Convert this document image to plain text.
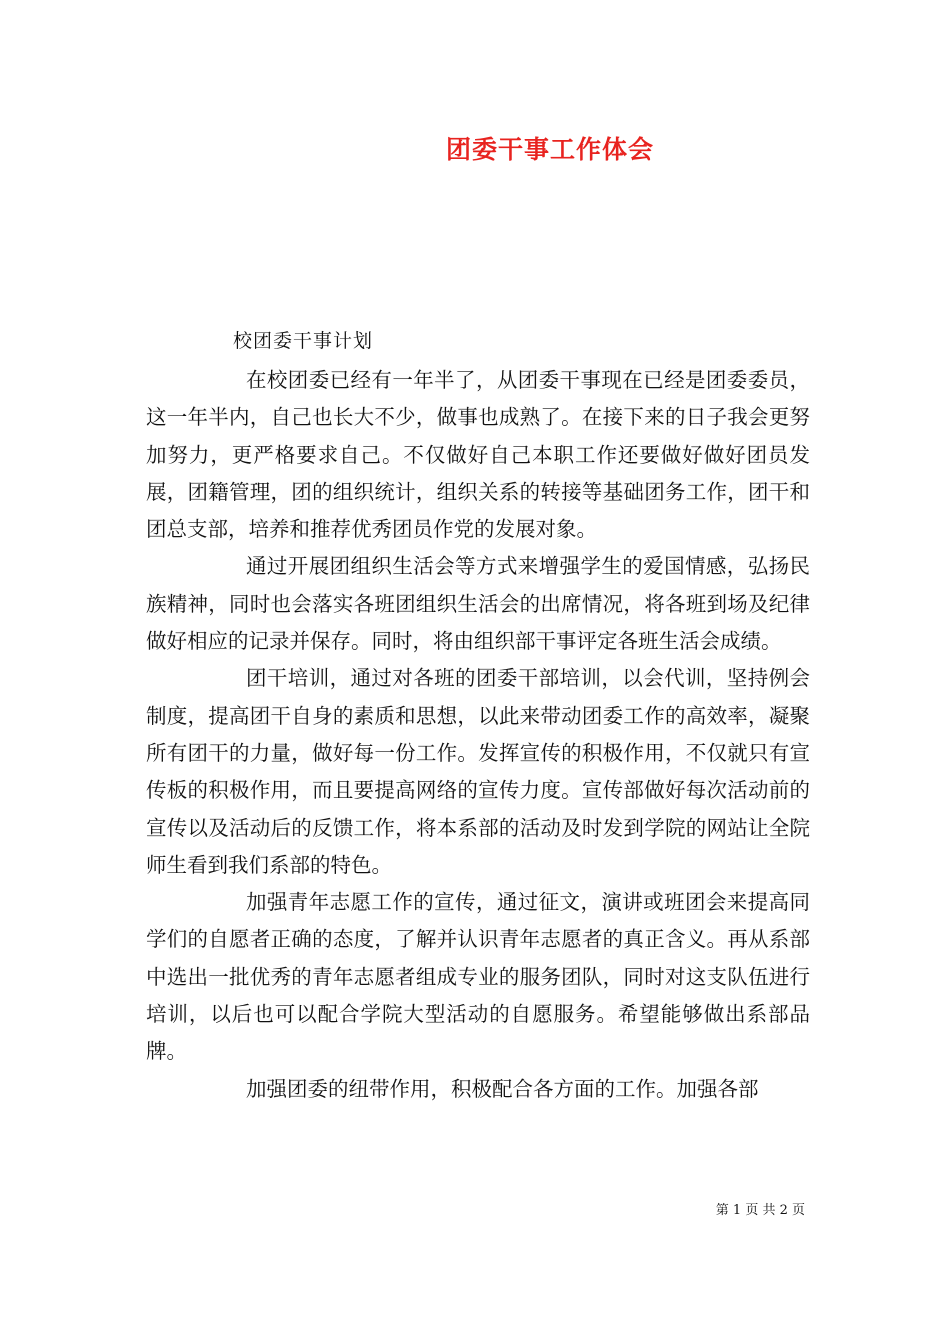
团委干事工作体会
校团委干事计划

在校团委已经有一年半了，从团委干事现在已经是团委委员，这一年半内，自己也长大不少，做事也成熟了。在接下来的日子我会更努加努力，更严格要求自己。不仅做好自己本职工作还要做好做好团员发展，团籍管理，团的组织统计，组织关系的转接等基础团务工作，团干和团总支部，培养和推荐优秀团员作党的发展对象。

通过开展团组织生活会等方式来增强学生的爱国情感，弘扬民族精神，同时也会落实各班团组织生活会的出席情况，将各班到场及纪律做好相应的记录并保存。同时，将由组织部干事评定各班生活会成绩。

团干培训，通过对各班的团委干部培训，以会代训，坚持例会制度，提高团干自身的素质和思想，以此来带动团委工作的高效率，凝聚所有团干的力量，做好每一份工作。发挥宣传的积极作用，不仅就只有宣传板的积极作用，而且要提高网络的宣传力度。宣传部做好每次活动前的宣传以及活动后的反馈工作，将本系部的活动及时发到学院的网站让全院师生看到我们系部的特色。

加强青年志愿工作的宣传，通过征文，演讲或班团会来提高同学们的自愿者正确的态度，了解并认识青年志愿者的真正含义。再从系部中选出一批优秀的青年志愿者组成专业的服务团队，同时对这支队伍进行培训，以后也可以配合学院大型活动的自愿服务。希望能够做出系部品牌。

加强团委的纽带作用，积极配合各方面的工作。加强各部

第 1 页 共 2 页
